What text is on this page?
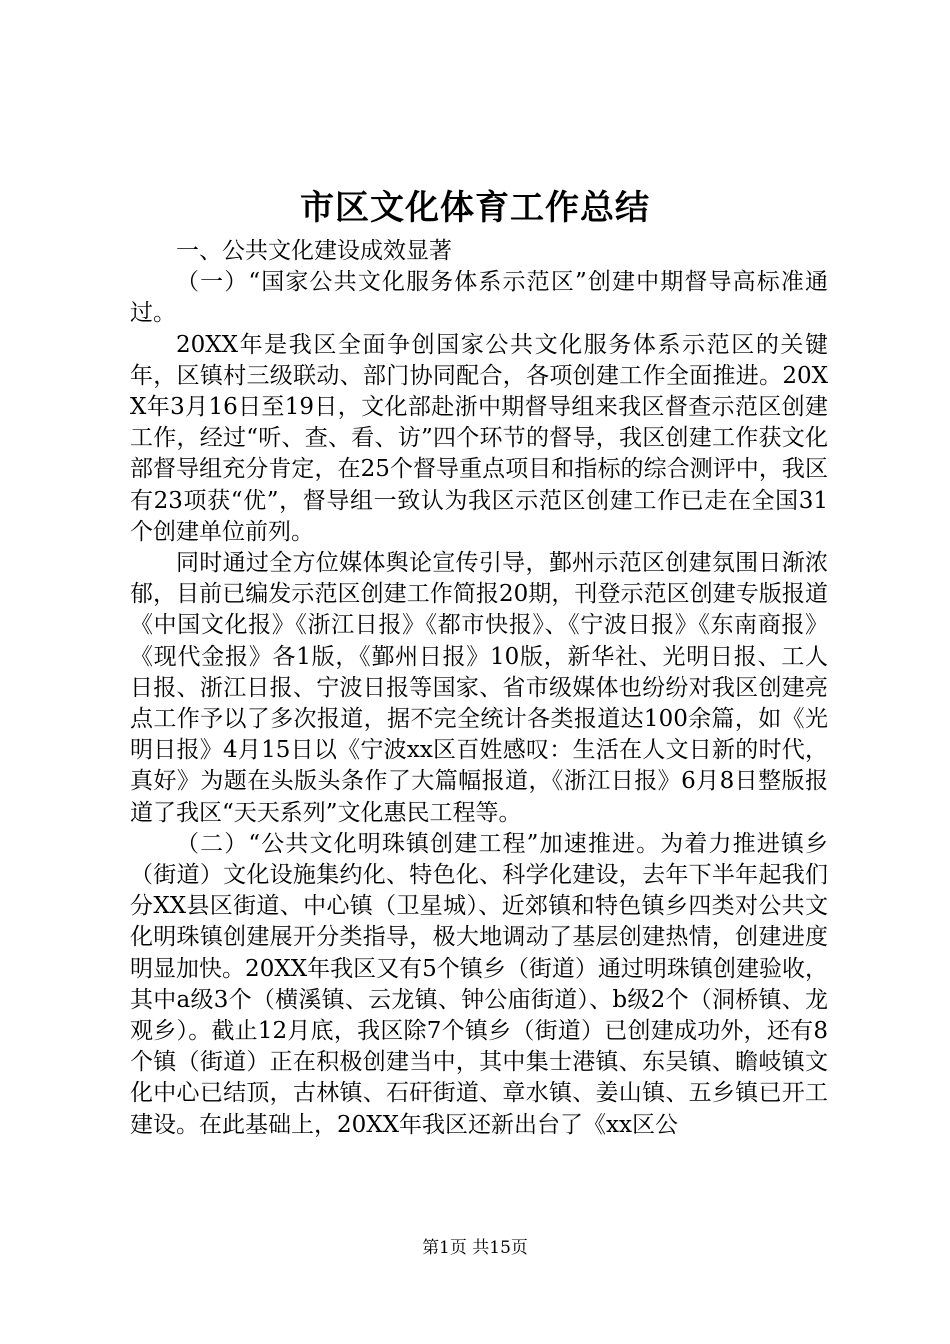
市区文化体育工作总结

一、公共文化建设成效显著

（一）“国家公共文化服务体系示范区”创建中期督导高标准通过。

20XX年是我区全面争创国家公共文化服务体系示范区的关键年，区镇村三级联动、部门协同配合，各项创建工作全面推进。20XX年3月16日至19日，文化部赴浙中期督导组来我区督查示范区创建工作，经过“听、查、看、访”四个环节的督导，我区创建工作获文化部督导组充分肯定，在25个督导重点项目和指标的综合测评中，我区有23项获“优”，督导组一致认为我区示范区创建工作已走在全国31个创建单位前列。

同时通过全方位媒体舆论宣传引导，鄞州示范区创建氛围日渐浓郁，目前已编发示范区创建工作简报20期，刊登示范区创建专版报道《中国文化报》《浙江日报》《都市快报》、《宁波日报》《东南商报》《现代金报》各1版，《鄞州日报》10版，新华社、光明日报、工人日报、浙江日报、宁波日报等国家、省市级媒体也纷纷对我区创建亮点工作予以了多次报道，据不完全统计各类报道达100余篇，如《光明日报》4月15日以《宁波xx区百姓感叹：生活在人文日新的时代，真好》为题在头版头条作了大篇幅报道，《浙江日报》6月8日整版报道了我区“天天系列”文化惠民工程等。

（二）“公共文化明珠镇创建工程”加速推进。为着力推进镇乡（街道）文化设施集约化、特色化、科学化建设，去年下半年起我们分XX县区街道、中心镇（卫星城）、近郊镇和特色镇乡四类对公共文化明珠镇创建展开分类指导，极大地调动了基层创建热情，创建进度明显加快。20XX年我区又有5个镇乡（街道）通过明珠镇创建验收，其中a级3个（横溪镇、云龙镇、钟公庙街道）、b级2个（洞桥镇、龙观乡）。截止12月底，我区除7个镇乡（街道）已创建成功外，还有8个镇（街道）正在积极创建当中，其中集士港镇、东吴镇、瞻岐镇文化中心已结顶，古林镇、石矸街道、章水镇、姜山镇、五乡镇已开工建设。在此基础上，20XX年我区还新出台了《xx区公

第1页 共15页
